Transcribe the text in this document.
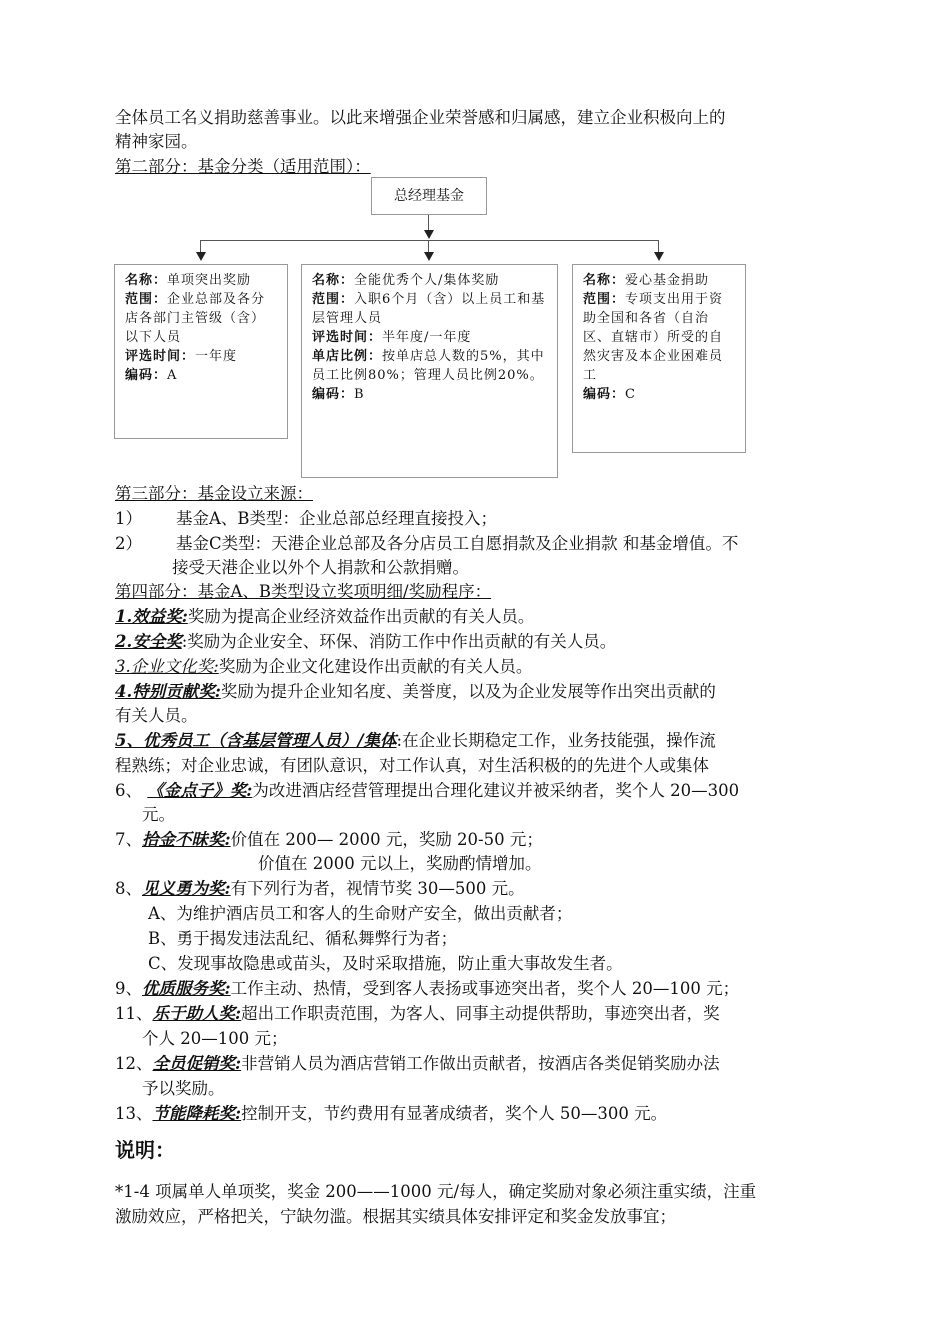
全体员工名义捐助慈善事业。以此来增强企业荣誉感和归属感，建立企业积极向上的
精神家园。
第二部分：基金分类（适用范围）：
总经理基金
名称：单项突出奖励
范围：企业总部及各分店各部门主管级（含）以下人员
评选时间：一年度
编码：A
名称：全能优秀个人/集体奖励
范围：入职6个月（含）以上员工和基层管理人员
评选时间：半年度/一年度
单店比例：按单店总人数的5%，其中员工比例80%；管理人员比例20%。
编码：B
名称：爱心基金捐助
范围：专项支出用于资助全国和各省（自治区、直辖市）所受的自然灾害及本企业困难员工
编码：C
第三部分：基金设立来源：
1） 基金A、B类型：企业总部总经理直接投入；
2） 基金C类型：天港企业总部及各分店员工自愿捐款及企业捐款 和基金增值。不
接受天港企业以外个人捐款和公款捐赠。
第四部分：基金A、B类型设立奖项明细/奖励程序：
1.效益奖:奖励为提高企业经济效益作出贡献的有关人员。
2.安全奖:奖励为企业安全、环保、消防工作中作出贡献的有关人员。
3.企业文化奖:奖励为企业文化建设作出贡献的有关人员。
4.特别贡献奖:奖励为提升企业知名度、美誉度，以及为企业发展等作出突出贡献的
有关人员。
5、优秀员工（含基层管理人员）/集体:在企业长期稳定工作，业务技能强，操作流
程熟练；对企业忠诚，有团队意识，对工作认真，对生活积极的的先进个人或集体
6、 《金点子》奖:为改进酒店经营管理提出合理化建议并被采纳者，奖个人 20—300
元。
7、拾金不昧奖:价值在 200— 2000 元，奖励 20-50 元；
价值在 2000 元以上，奖励酌情增加。
8、见义勇为奖:有下列行为者，视情节奖 30—500 元。
A、为维护酒店员工和客人的生命财产安全，做出贡献者；
B、勇于揭发违法乱纪、循私舞弊行为者；
C、发现事故隐患或苗头，及时采取措施，防止重大事故发生者。
9、优质服务奖:工作主动、热情，受到客人表扬或事迹突出者，奖个人 20—100 元；
11、乐于助人奖:超出工作职责范围，为客人、同事主动提供帮助，事迹突出者，奖
个人 20—100 元；
12、全员促销奖:非营销人员为酒店营销工作做出贡献者，按酒店各类促销奖励办法
予以奖励。
13、节能降耗奖:控制开支，节约费用有显著成绩者，奖个人 50—300 元。
说明：
*1-4 项属单人单项奖，奖金 200——1000 元/每人，确定奖励对象必须注重实绩，注重
激励效应，严格把关，宁缺勿滥。根据其实绩具体安排评定和奖金发放事宜；
